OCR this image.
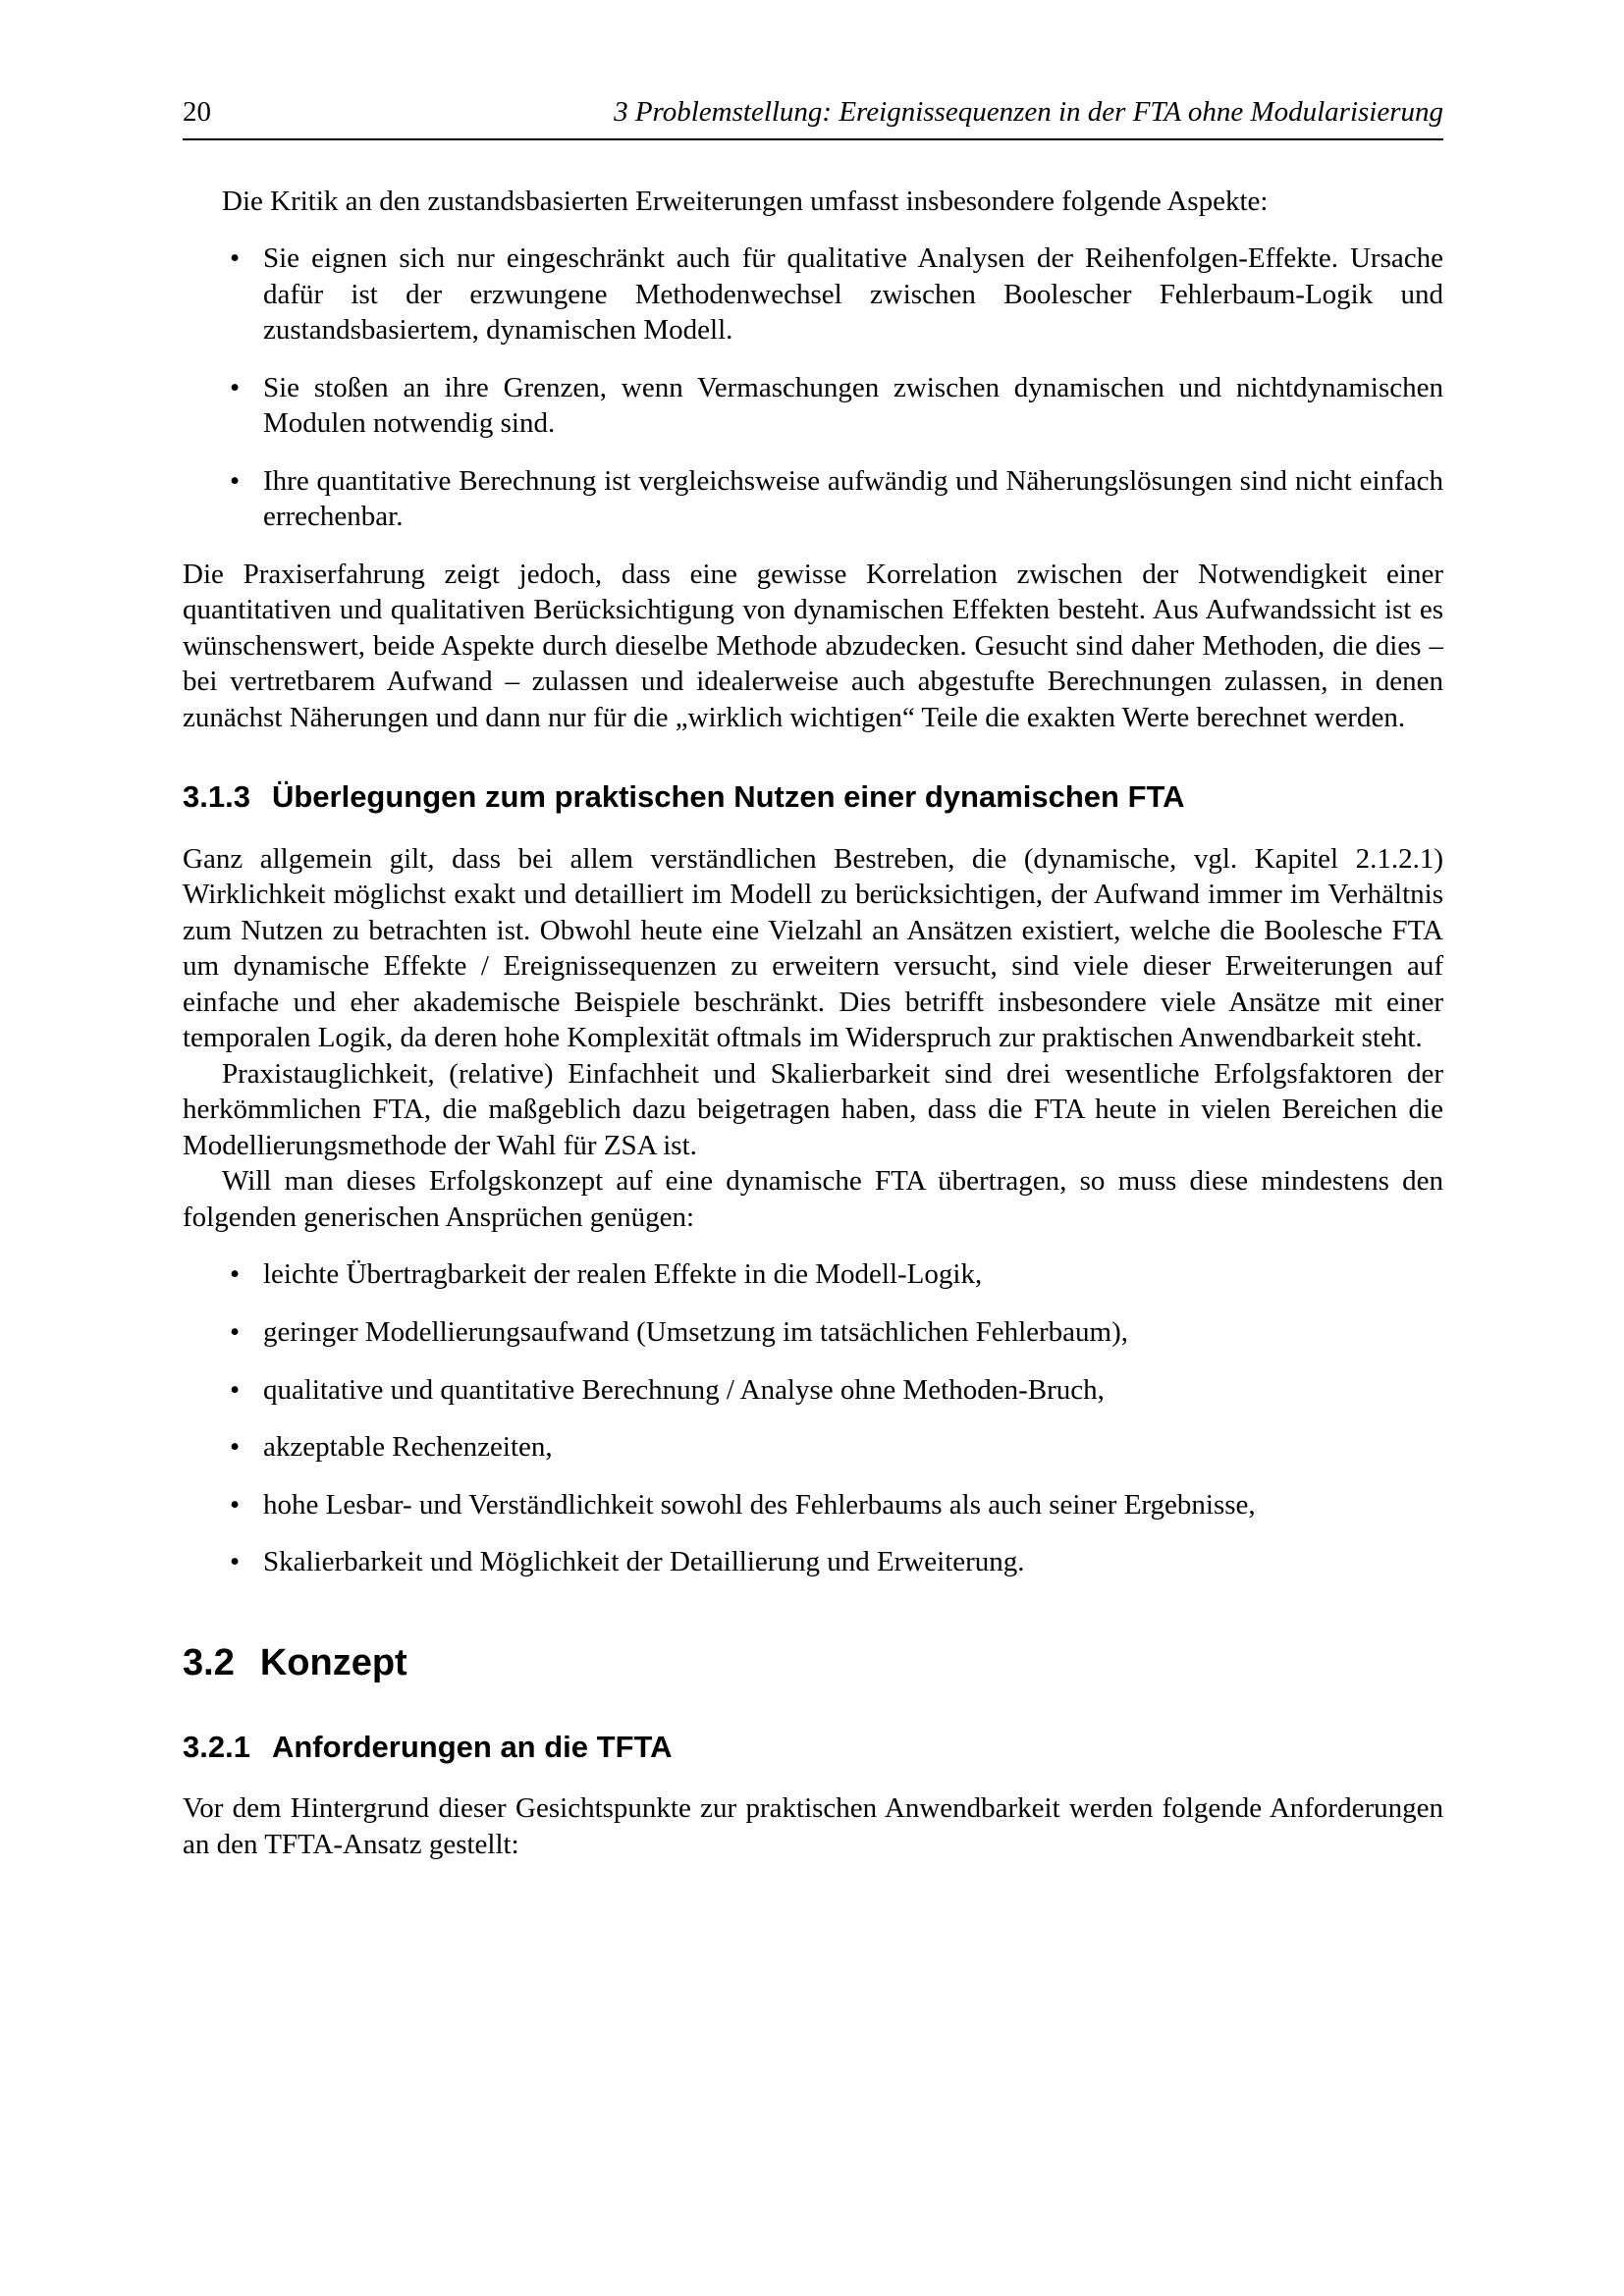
20	3 Problemstellung: Ereignissequenzen in der FTA ohne Modularisierung

Die Kritik an den zustandsbasierten Erweiterungen umfasst insbesondere folgende Aspekte:

• Sie eignen sich nur eingeschränkt auch für qualitative Analysen der Reihenfolgen-Effekte. Ursache dafür ist der erzwungene Methodenwechsel zwischen Boolescher Fehlerbaum-Logik und zustandsbasiertem, dynamischen Modell.
• Sie stoßen an ihre Grenzen, wenn Vermaschungen zwischen dynamischen und nichtdynamischen Modulen notwendig sind.
• Ihre quantitative Berechnung ist vergleichsweise aufwändig und Näherungslösungen sind nicht einfach errechenbar.

Die Praxiserfahrung zeigt jedoch, dass eine gewisse Korrelation zwischen der Notwendigkeit einer quantitativen und qualitativen Berücksichtigung von dynamischen Effekten besteht. Aus Aufwandssicht ist es wünschenswert, beide Aspekte durch dieselbe Methode abzudecken. Gesucht sind daher Methoden, die dies – bei vertretbarem Aufwand – zulassen und idealerweise auch abgestufte Berechnungen zulassen, in denen zunächst Näherungen und dann nur für die „wirklich wichtigen“ Teile die exakten Werte berechnet werden.

3.1.3 Überlegungen zum praktischen Nutzen einer dynamischen FTA

Ganz allgemein gilt, dass bei allem verständlichen Bestreben, die (dynamische, vgl. Kapitel 2.1.2.1) Wirklichkeit möglichst exakt und detailliert im Modell zu berücksichtigen, der Aufwand immer im Verhältnis zum Nutzen zu betrachten ist. Obwohl heute eine Vielzahl an Ansätzen existiert, welche die Boolesche FTA um dynamische Effekte / Ereignissequenzen zu erweitern versucht, sind viele dieser Erweiterungen auf einfache und eher akademische Beispiele beschränkt. Dies betrifft insbesondere viele Ansätze mit einer temporalen Logik, da deren hohe Komplexität oftmals im Widerspruch zur praktischen Anwendbarkeit steht.

Praxistauglichkeit, (relative) Einfachheit und Skalierbarkeit sind drei wesentliche Erfolgsfaktoren der herkömmlichen FTA, die maßgeblich dazu beigetragen haben, dass die FTA heute in vielen Bereichen die Modellierungsmethode der Wahl für ZSA ist.

Will man dieses Erfolgskonzept auf eine dynamische FTA übertragen, so muss diese mindestens den folgenden generischen Ansprüchen genügen:

• leichte Übertragbarkeit der realen Effekte in die Modell-Logik,
• geringer Modellierungsaufwand (Umsetzung im tatsächlichen Fehlerbaum),
• qualitative und quantitative Berechnung / Analyse ohne Methoden-Bruch,
• akzeptable Rechenzeiten,
• hohe Lesbar- und Verständlichkeit sowohl des Fehlerbaums als auch seiner Ergebnisse,
• Skalierbarkeit und Möglichkeit der Detaillierung und Erweiterung.
3.2 Konzept
3.2.1 Anforderungen an die TFTA

Vor dem Hintergrund dieser Gesichtspunkte zur praktischen Anwendbarkeit werden folgende Anforderungen an den TFTA-Ansatz gestellt:
